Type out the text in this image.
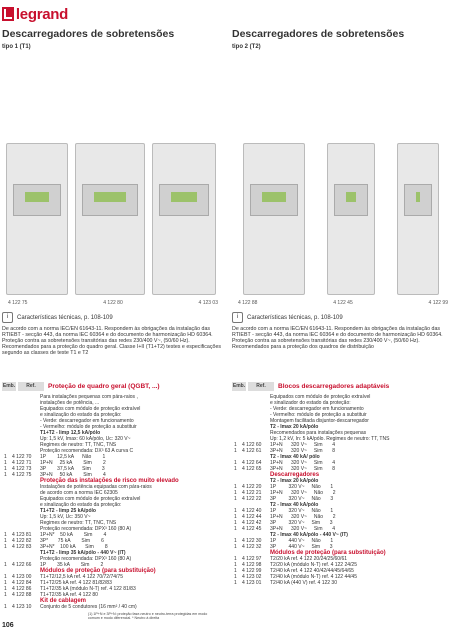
legrand
Descarregadores de sobretensões
tipo 1 (T1)
4 122 75	4 122 80	4 123 03
i	Características técnicas, p. 108-109
De acordo com a norma IEC/EN 61643-11. Respondem às obrigações da instalação das RTIEBT - secção 443, da norma IEC 60364 e do documento de harmonização HD 60364. Proteção contra as sobretensões transitórias das redes 230/400 V~, (50/60 Hz). Recomendados para a proteção do quadro geral. Classe I+II (T1+T2) testes e especificações segundo as classes de teste T1 e T2
Emb.	Ref.	Proteção de quadro geral (QGBT, ...)
Para instalações pequenas com pára-raios ,
instalações de potência, ...
Equipados com módulo de proteção extraível
e sinalização do estado da proteção:
- Verde: descarregador em funcionamento
- Vermelho: módulo de proteção a substituir
T1+T2 - limp 12,5 kA/pólo
Up: 1,5 kV, Imax: 60 kA/pólo, Uc: 320 V~
Regimes de neutro: TT, TNC, TNS
Proteção recomendada: DX³ 63 A curva C
1	4 122 70	1P        12,5 kA      Não        1
1	4 122 71	1P+N     25 kA        Sim        2
1	4 122 73	3P        37,5 kA      Sim        3
1	4 122 75	3P+N     50 kA        Sim        4
Proteção das instalações de risco muito elevado
Instalações de potência equipadas com pára-raios
de acordo com a norma IEC 62305
Equipados com módulo de proteção extraível
e sinalização do estado da proteção:
T1+T2 - limp 25 kA/pólo
Up: 1,5 kV, Uc: 350 V~
Regimes de neutro: TT, TNC, TNS
Proteção recomendada: DPX³ 160 (80 A)
1	4 123 81	1P+N*    50 kA        Sim        4
1	4 122 82	3P*       75 kA        Sim        6
1	4 122 83	3P+N*    100 kA       Sim        8
T1+T2 - limp 35 kA/pólo - 440 V~ (IT)
Proteção recomendada: DPX³ 160 (80 A)
1	4 122 66	1P        35 kA        Sim        2
Módulos de proteção (para substituição)
1	4 123 00	T1+T2/12,5 kA ref. 4 122 70/72/74/75
1	4 122 84	T1+T2/25 kA ref. 4 122 81/82/83
1	4 122 86	T1+T2/35 kA (módulo N-T) ref. 4 122 81/83
1	4 122 88	T1+T2/35 kA ref. 4 122 80
Kit de cablagem
1	4 123 10	Conjunto de 5 condutores (16 mm² / 40 cm)
(1) 1P+N e 3P+N: proteção fase-neutro e neutro-terra protegidas em modo comum e modo diferencial. * Neutro à direita
106
Descarregadores de sobretensões
tipo 2 (T2)
4 122 88	4 122 45	4 122 99
i	Características técnicas, p. 108-109
De acordo com a norma IEC/EN 61643-11. Respondem às obrigações da instalação das RTIEBT - secção 443, da norma IEC 60364 e do documento de harmonização HD 60364. Proteção contra as sobretensões transitórias das redes 230/400 V~, (50/60 Hz). Recomendados para a proteção dos quadros de distribuição
Emb.	Ref.	Blocos descarregadores adaptáveis
Equipados com módulo de proteção extraível
e sinalizador do estado da proteção:
- Verde: descarregador em funcionamento
- Vermelho: módulo de proteção a substituir
Montagem facilitada disjuntor-descarregador
T2 - Imax 20 kA/pólo
Recomendados para instalações pequenas
Up: 1,2 kV, In: 5 kA/pólo. Regimes de neutro: TT, TNS
1	4 122 60	1P+N      320 V~     Sim       4
1	4 122 61	3P+N      320 V~     Sim       8
T2 - Imax 40 kA/ pólo
1	4 122 64	1P+N      320 V~     Sim       4
1	4 122 65	3P+N      320 V~     Sim       8
Descarregadores
T2 - Imax 20 kA/pólo
1	4 122 20	1P         320 V~     Não       1
1	4 122 21	1P+N      320 V~     Não       2
1	4 122 22	3P         320 V~     Não       3
T2 - Imax 40 kA/pólo
1	4 122 40	1P         320 V~     Não       1
1	4 122 44	1P+N      320 V~     Não       2
1	4 122 42	3P         320 V~     Sim       3
1	4 122 45	3P+N      320 V~     Sim       4
T2 - Imax 40 kA/pólo - 440 V~ (IT)
1	4 122 30	1P         440 V~     Não       1
1	4 122 32	3P         440 V~     Sim       3
Módulos de proteção (para substituição)
1	4 122 97	T2/20 kA ref. 4 122 20/24/25/60/61
1	4 122 98	T2/20 kA (módulo N-T) ref. 4 122 24/25
1	4 122 99	T2/40 kA ref. 4 122 40/42/44/45/64/65
1	4 123 02	T2/40 kA (módulo N-T) ref. 4 122 44/45
1	4 123 01	T2/40 kA (440 V) ref. 4 122 30
